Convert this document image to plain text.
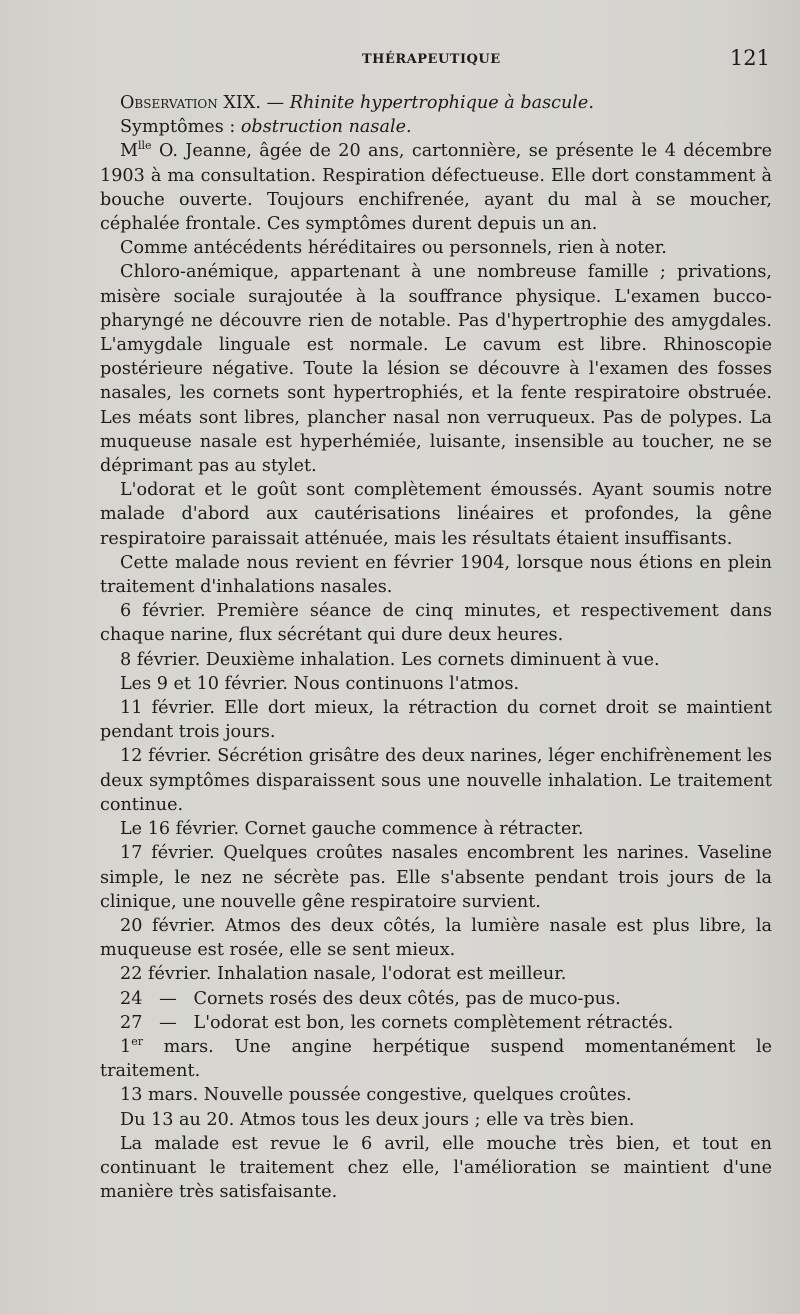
THÉRAPEUTIQUE	121

Observation XIX. — Rhinite hypertrophique à bascule.

Symptômes : obstruction nasale.

$M^{lle}$ O. Jeanne, âgée de 20 ans, cartonnière, se présente le 4 décembre 1903 à ma consultation. Respiration défectueuse. Elle dort constamment à bouche ouverte. Toujours enchifrenée, ayant du mal à se moucher, céphalée frontale. Ces symptômes durent depuis un an.

Comme antécédents héréditaires ou personnels, rien à noter.

Chloro-anémique, appartenant à une nombreuse famille ; privations, misère sociale surajoutée à la souffrance physique. L'examen bucco-pharyngé ne découvre rien de notable. Pas d'hypertrophie des amygdales. L'amygdale linguale est normale. Le cavum est libre. Rhinoscopie postérieure négative. Toute la lésion se découvre à l'examen des fosses nasales, les cornets sont hypertrophiés, et la fente respiratoire obstruée. Les méats sont libres, plancher nasal non verruqueux. Pas de polypes. La muqueuse nasale est hyperhémiée, luisante, insensible au toucher, ne se déprimant pas au stylet.

L'odorat et le goût sont complètement émoussés. Ayant soumis notre malade d'abord aux cautérisations linéaires et profondes, la gêne respiratoire paraissait atténuée, mais les résultats étaient insuffisants.

Cette malade nous revient en février 1904, lorsque nous étions en plein traitement d'inhalations nasales.

6 février. Première séance de cinq minutes, et respectivement dans chaque narine, flux sécrétant qui dure deux heures.

8 février. Deuxième inhalation. Les cornets diminuent à vue.

Les 9 et 10 février. Nous continuons l'atmos.

11 février. Elle dort mieux, la rétraction du cornet droit se maintient pendant trois jours.

12 février. Sécrétion grisâtre des deux narines, léger enchifrènement les deux symptômes disparaissent sous une nouvelle inhalation. Le traitement continue.

Le 16 février. Cornet gauche commence à rétracter.

17 février. Quelques croûtes nasales encombrent les narines. Vaseline simple, le nez ne sécrète pas. Elle s'absente pendant trois jours de la clinique, une nouvelle gêne respiratoire survient.

20 février. Atmos des deux côtés, la lumière nasale est plus libre, la muqueuse est rosée, elle se sent mieux.

22 février. Inhalation nasale, l'odorat est meilleur.

24   —   Cornets rosés des deux côtés, pas de muco-pus.

27   —   L'odorat est bon, les cornets complètement rétractés.

1er mars. Une angine herpétique suspend momentanément le traitement.

13 mars. Nouvelle poussée congestive, quelques croûtes.

Du 13 au 20. Atmos tous les deux jours ; elle va très bien.

La malade est revue le 6 avril, elle mouche très bien, et tout en continuant le traitement chez elle, l'amélioration se maintient d'une manière très satisfaisante.
